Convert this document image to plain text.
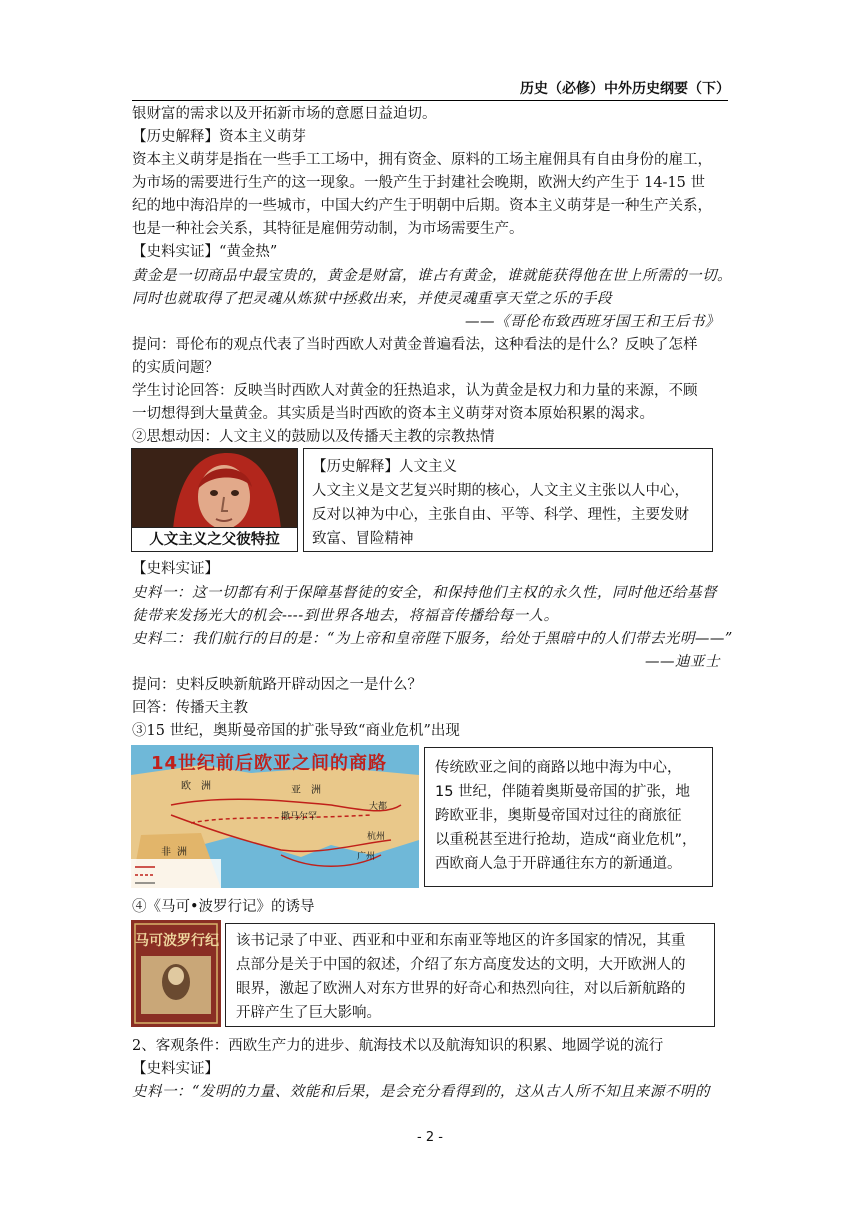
历史（必修）中外历史纲要（下）
银财富的需求以及开拓新市场的意愿日益迫切。
【历史解释】资本主义萌芽
资本主义萌芽是指在一些手工工场中，拥有资金、原料的工场主雇佣具有自由身份的雇工，
为市场的需要进行生产的这一现象。一般产生于封建社会晚期，欧洲大约产生于 14-15 世
纪的地中海沿岸的一些城市，中国大约产生于明朝中后期。资本主义萌芽是一种生产关系，
也是一种社会关系，其特征是雇佣劳动制，为市场需要生产。
【史料实证】“黄金热”
黄金是一切商品中最宝贵的，黄金是财富，谁占有黄金，谁就能获得他在世上所需的一切。
同时也就取得了把灵魂从炼狱中拯救出来，并使灵魂重享天堂之乐的手段
——《哥伦布致西班牙国王和王后书》
提问：哥伦布的观点代表了当时西欧人对黄金普遍看法，这种看法的是什么？反映了怎样
的实质问题？
学生讨论回答：反映当时西欧人对黄金的狂热追求，认为黄金是权力和力量的来源，不顾
一切想得到大量黄金。其实质是当时西欧的资本主义萌芽对资本原始积累的渴求。
②思想动因：人文主义的鼓励以及传播天主教的宗教热情
人文主义之父彼特拉
【历史解释】人文主义
人文主义是文艺复兴时期的核心，人文主义主张以人中心，
反对以神为中心，主张自由、平等、科学、理性，主要发财
致富、冒险精神
【史料实证】
史料一：这一切都有利于保障基督徒的安全，和保持他们主权的永久性，同时他还给基督
徒带来发扬光大的机会----到世界各地去，将福音传播给每一人。
史料二：我们航行的目的是：“为上帝和皇帝陛下服务，给处于黑暗中的人们带去光明——”
——迪亚士
提问：史料反映新航路开辟动因之一是什么？
回答：传播天主教
③15 世纪，奥斯曼帝国的扩张导致“商业危机”出现
14世纪前后欧亚之间的商路
欧 洲
非 洲
亚 洲
杭州
广州
大都
撒马尔罕
传统欧亚之间的商路以地中海为中心，
15 世纪，伴随着奥斯曼帝国的扩张，地
跨欧亚非，奥斯曼帝国对过往的商旅征
以重税甚至进行抢劫，造成“商业危机”，
西欧商人急于开辟通往东方的新通道。
④《马可•波罗行记》的诱导
马可波罗行纪 该书记录了中亚、西亚和中亚和东南亚等地区的许多国家的情况，其重
点部分是关于中国的叙述，介绍了东方高度发达的文明，大开欧洲人的
眼界，激起了欧洲人对东方世界的好奇心和热烈向往，对以后新航路的
开辟产生了巨大影响。
2、客观条件：西欧生产力的进步、航海技术以及航海知识的积累、地圆学说的流行
【史料实证】
史料一：“发明的力量、效能和后果，是会充分看得到的，这从古人所不知且来源不明的
- 2 -
